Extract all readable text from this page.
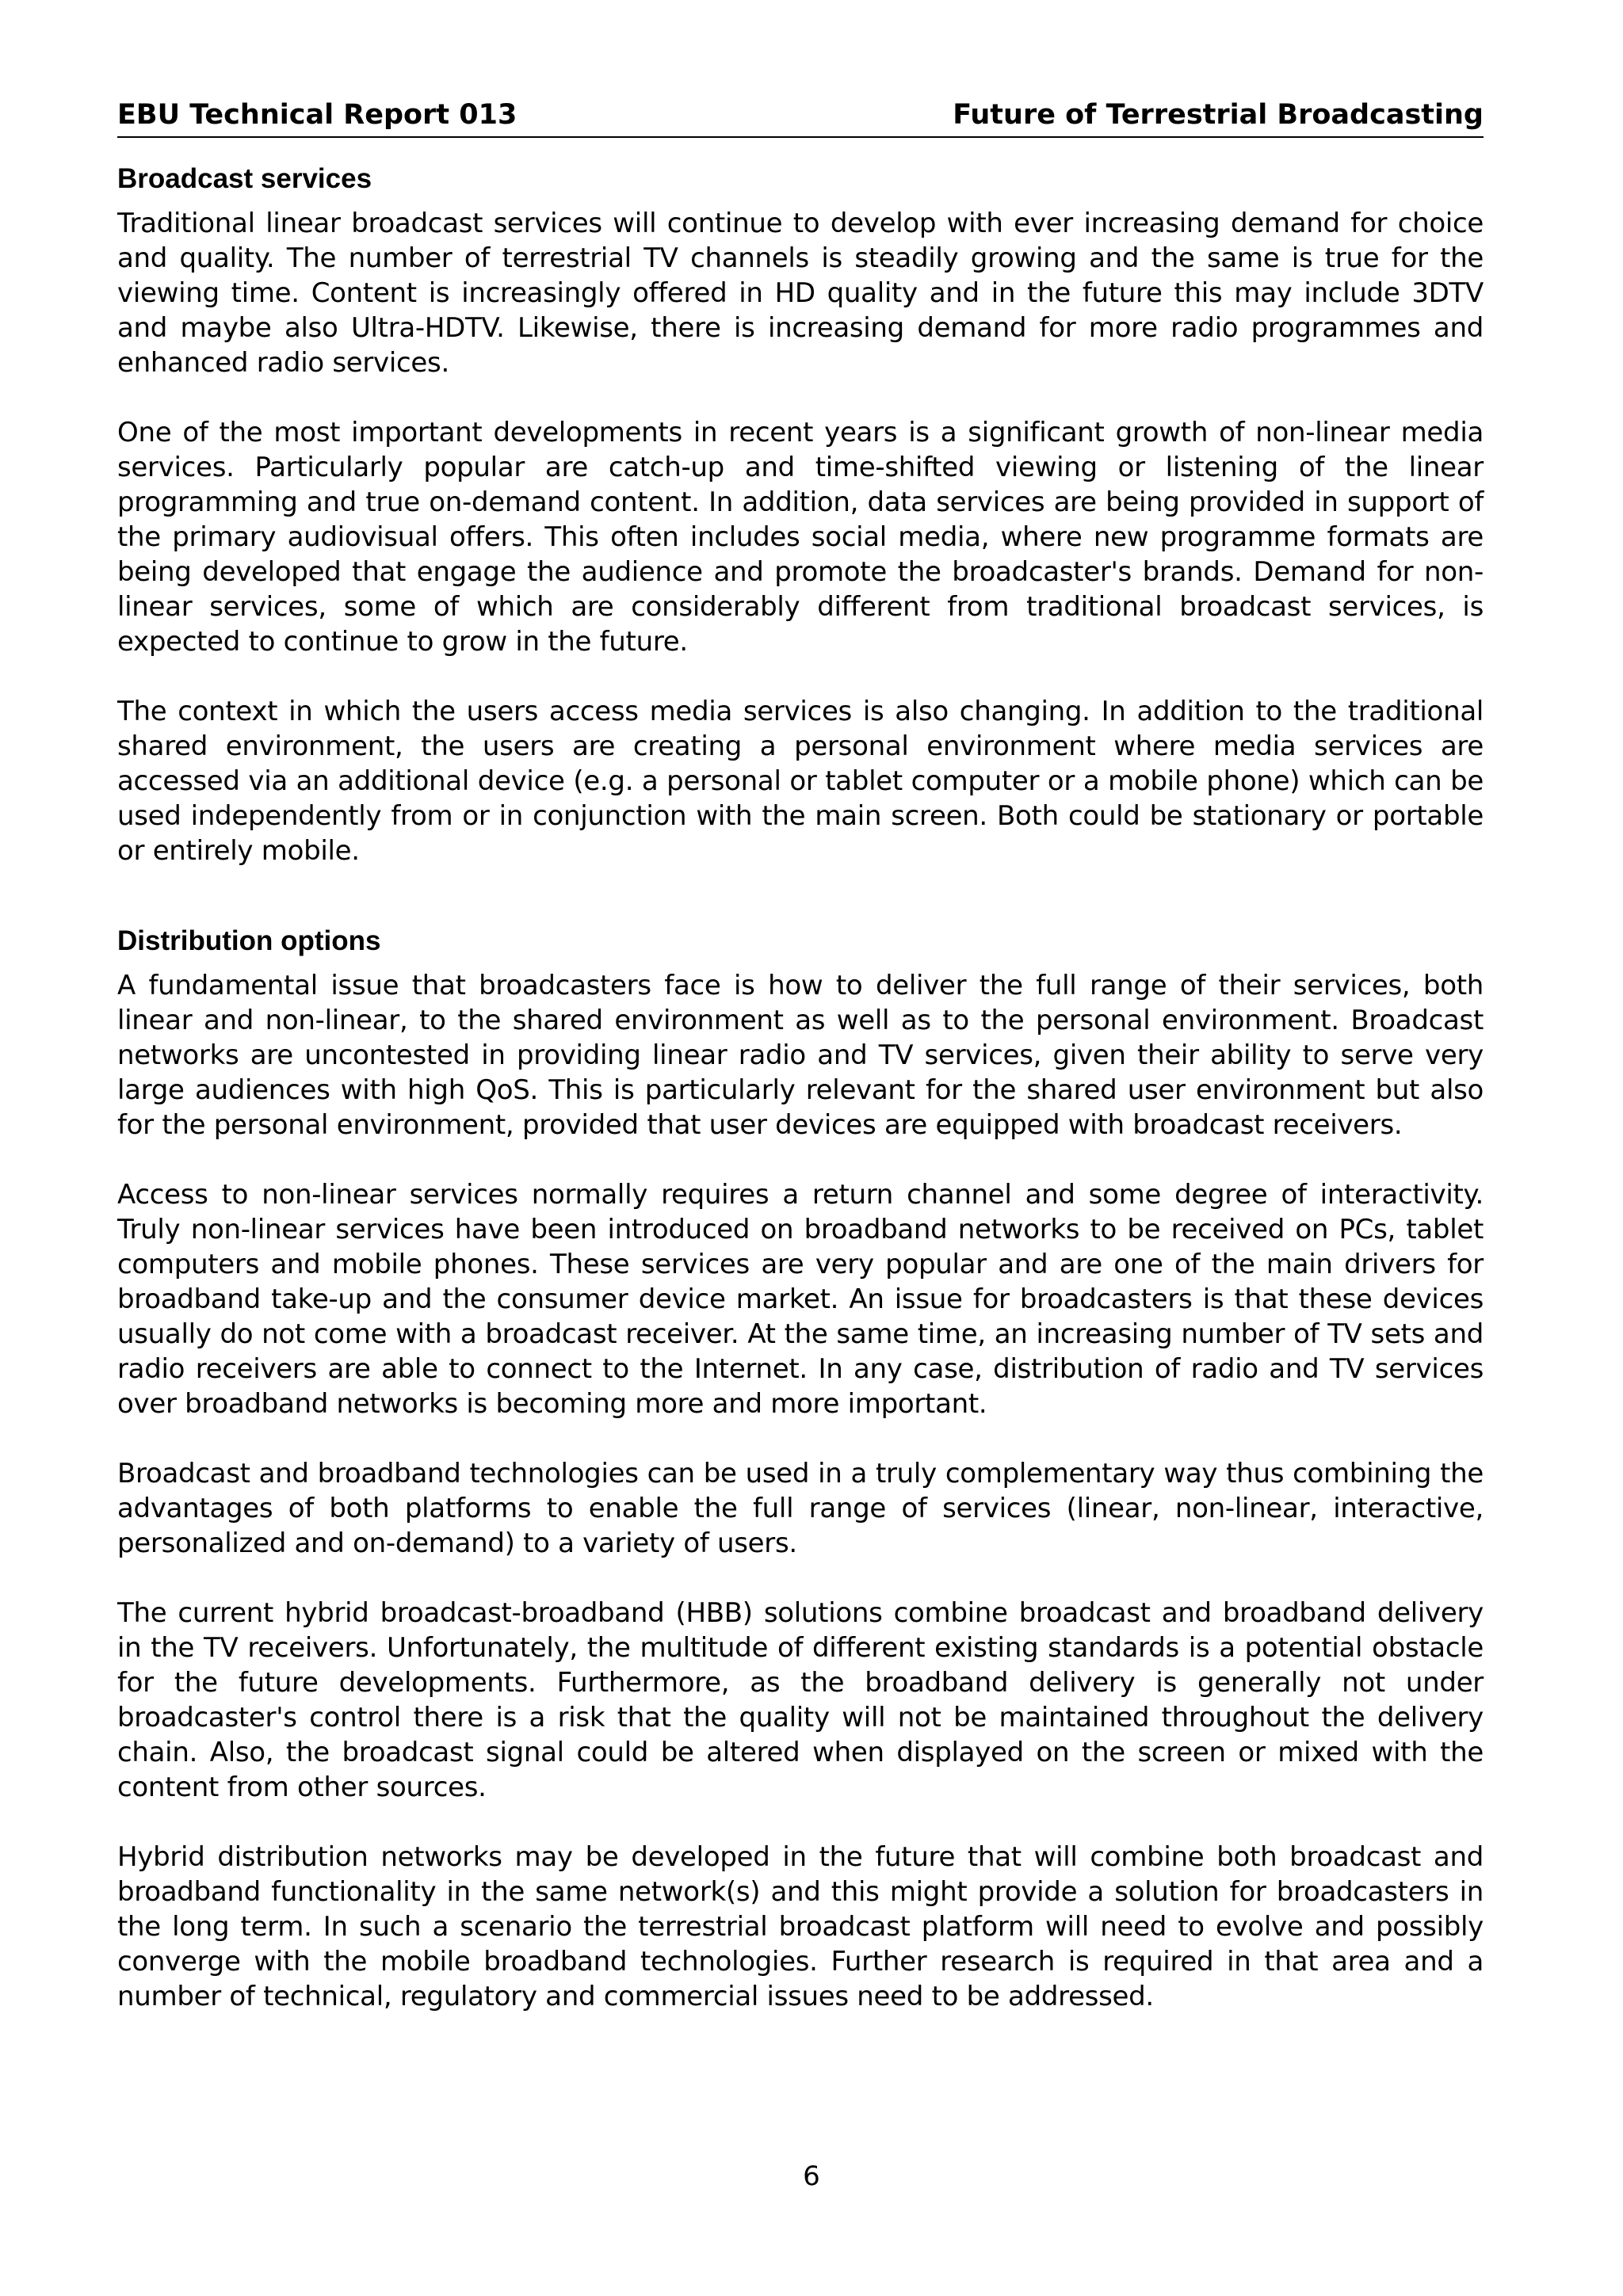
EBU Technical Report 013	Future of Terrestrial Broadcasting
Broadcast services

Traditional linear broadcast services will continue to develop with ever increasing demand for choice and quality. The number of terrestrial TV channels is steadily growing and the same is true for the viewing time. Content is increasingly offered in HD quality and in the future this may include 3DTV and maybe also Ultra-HDTV. Likewise, there is increasing demand for more radio programmes and enhanced radio services.

One of the most important developments in recent years is a significant growth of non-linear media services. Particularly popular are catch-up and time-shifted viewing or listening of the linear programming and true on-demand content. In addition, data services are being provided in support of the primary audiovisual offers. This often includes social media, where new programme formats are being developed that engage the audience and promote the broadcaster's brands. Demand for non-linear services, some of which are considerably different from traditional broadcast services, is expected to continue to grow in the future.

The context in which the users access media services is also changing. In addition to the traditional shared environment, the users are creating a personal environment where media services are accessed via an additional device (e.g. a personal or tablet computer or a mobile phone) which can be used independently from or in conjunction with the main screen. Both could be stationary or portable or entirely mobile.

Distribution options

A fundamental issue that broadcasters face is how to deliver the full range of their services, both linear and non-linear, to the shared environment as well as to the personal environment. Broadcast networks are uncontested in providing linear radio and TV services, given their ability to serve very large audiences with high QoS. This is particularly relevant for the shared user environment but also for the personal environment, provided that user devices are equipped with broadcast receivers.

Access to non-linear services normally requires a return channel and some degree of interactivity. Truly non-linear services have been introduced on broadband networks to be received on PCs, tablet computers and mobile phones. These services are very popular and are one of the main drivers for broadband take-up and the consumer device market. An issue for broadcasters is that these devices usually do not come with a broadcast receiver. At the same time, an increasing number of TV sets and radio receivers are able to connect to the Internet. In any case, distribution of radio and TV services over broadband networks is becoming more and more important.

Broadcast and broadband technologies can be used in a truly complementary way thus combining the advantages of both platforms to enable the full range of services (linear, non-linear, interactive, personalized and on-demand) to a variety of users.

The current hybrid broadcast-broadband (HBB) solutions combine broadcast and broadband delivery in the TV receivers. Unfortunately, the multitude of different existing standards is a potential obstacle for the future developments. Furthermore, as the broadband delivery is generally not under broadcaster's control there is a risk that the quality will not be maintained throughout the delivery chain. Also, the broadcast signal could be altered when displayed on the screen or mixed with the content from other sources.

Hybrid distribution networks may be developed in the future that will combine both broadcast and broadband functionality in the same network(s) and this might provide a solution for broadcasters in the long term. In such a scenario the terrestrial broadcast platform will need to evolve and possibly converge with the mobile broadband technologies. Further research is required in that area and a number of technical, regulatory and commercial issues need to be addressed.

6
